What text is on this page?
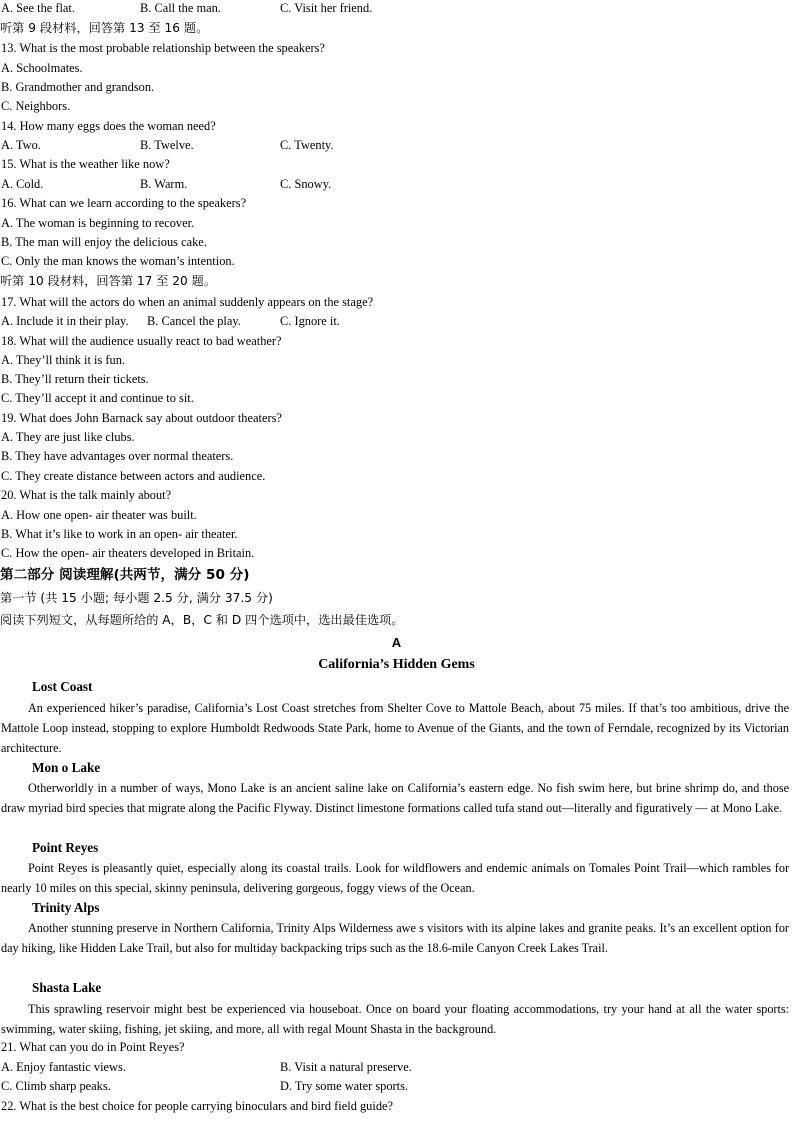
A. See the flat.	B. Call the man.	C. Visit her friend.
听第 9 段材料，回答第 13 至 16 题。
13. What is the most probable relationship between the speakers?
A. Schoolmates.
B. Grandmother and grandson.
C. Neighbors.
14. How many eggs does the woman need?
A. Two.	B. Twelve.	C. Twenty.
15. What is the weather like now?
A. Cold.	B. Warm.	C. Snowy.
16. What can we learn according to the speakers?
A. The woman is beginning to recover.
B. The man will enjoy the delicious cake.
C. Only the man knows the woman’s intention.
听第 10 段材料，回答第 17 至 20 题。
17. What will the actors do when an animal suddenly appears on the stage?
A. Include it in their play. B. Cancel the play.	C. Ignore it.
18. What will the audience usually react to bad weather?
A. They’ll think it is fun.
B. They’ll return their tickets.
C. They’ll accept it and continue to sit.
19. What does John Barnack say about outdoor theaters?
A. They are just like clubs.
B. They have advantages over normal theaters.
C. They create distance between actors and audience.
20. What is the talk mainly about?
A. How one open- air theater was built.
B. What it’s like to work in an open- air theater.
C. How the open- air theaters developed in Britain.
第二部分 阅读理解(共两节，满分 50 分)
第一节 (共 15 小题; 每小题 2.5 分, 满分 37.5 分)
阅读下列短文，从每题所给的 A，B，C 和 D 四个选项中，选出最佳选项。
A
California’s Hidden Gems
Lost Coast
An experienced hiker’s paradise, California’s Lost Coast stretches from Shelter Cove to Mattole Beach, about 75 miles. If that’s too ambitious, drive the Mattole Loop instead, stopping to explore Humboldt Redwoods State Park, home to Avenue of the Giants, and the town of Ferndale, recognized by its Victorian architecture.
Mon o Lake
Otherworldly in a number of ways, Mono Lake is an ancient saline lake on California’s eastern edge. No fish swim here, but brine shrimp do, and those draw myriad bird species that migrate along the Pacific Flyway. Distinct limestone formations called tufa stand out—literally and figuratively — at Mono Lake.
Point Reyes
Point Reyes is pleasantly quiet, especially along its coastal trails. Look for wildflowers and endemic animals on Tomales Point Trail—which rambles for nearly 10 miles on this special, skinny peninsula, delivering gorgeous, foggy views of the Ocean.
Trinity Alps
Another stunning preserve in Northern California, Trinity Alps Wilderness awe s visitors with its alpine lakes and granite peaks. It’s an excellent option for day hiking, like Hidden Lake Trail, but also for multiday backpacking trips such as the 18.6-mile Canyon Creek Lakes Trail.
Shasta Lake
This sprawling reservoir might best be experienced via houseboat. Once on board your floating accommodations, try your hand at all the water sports: swimming, water skiing, fishing, jet skiing, and more, all with regal Mount Shasta in the background.
21. What can you do in Point Reyes?
A. Enjoy fantastic views.	B. Visit a natural preserve.
C. Climb sharp peaks.	D. Try some water sports.
22. What is the best choice for people carrying binoculars and bird field guide?
